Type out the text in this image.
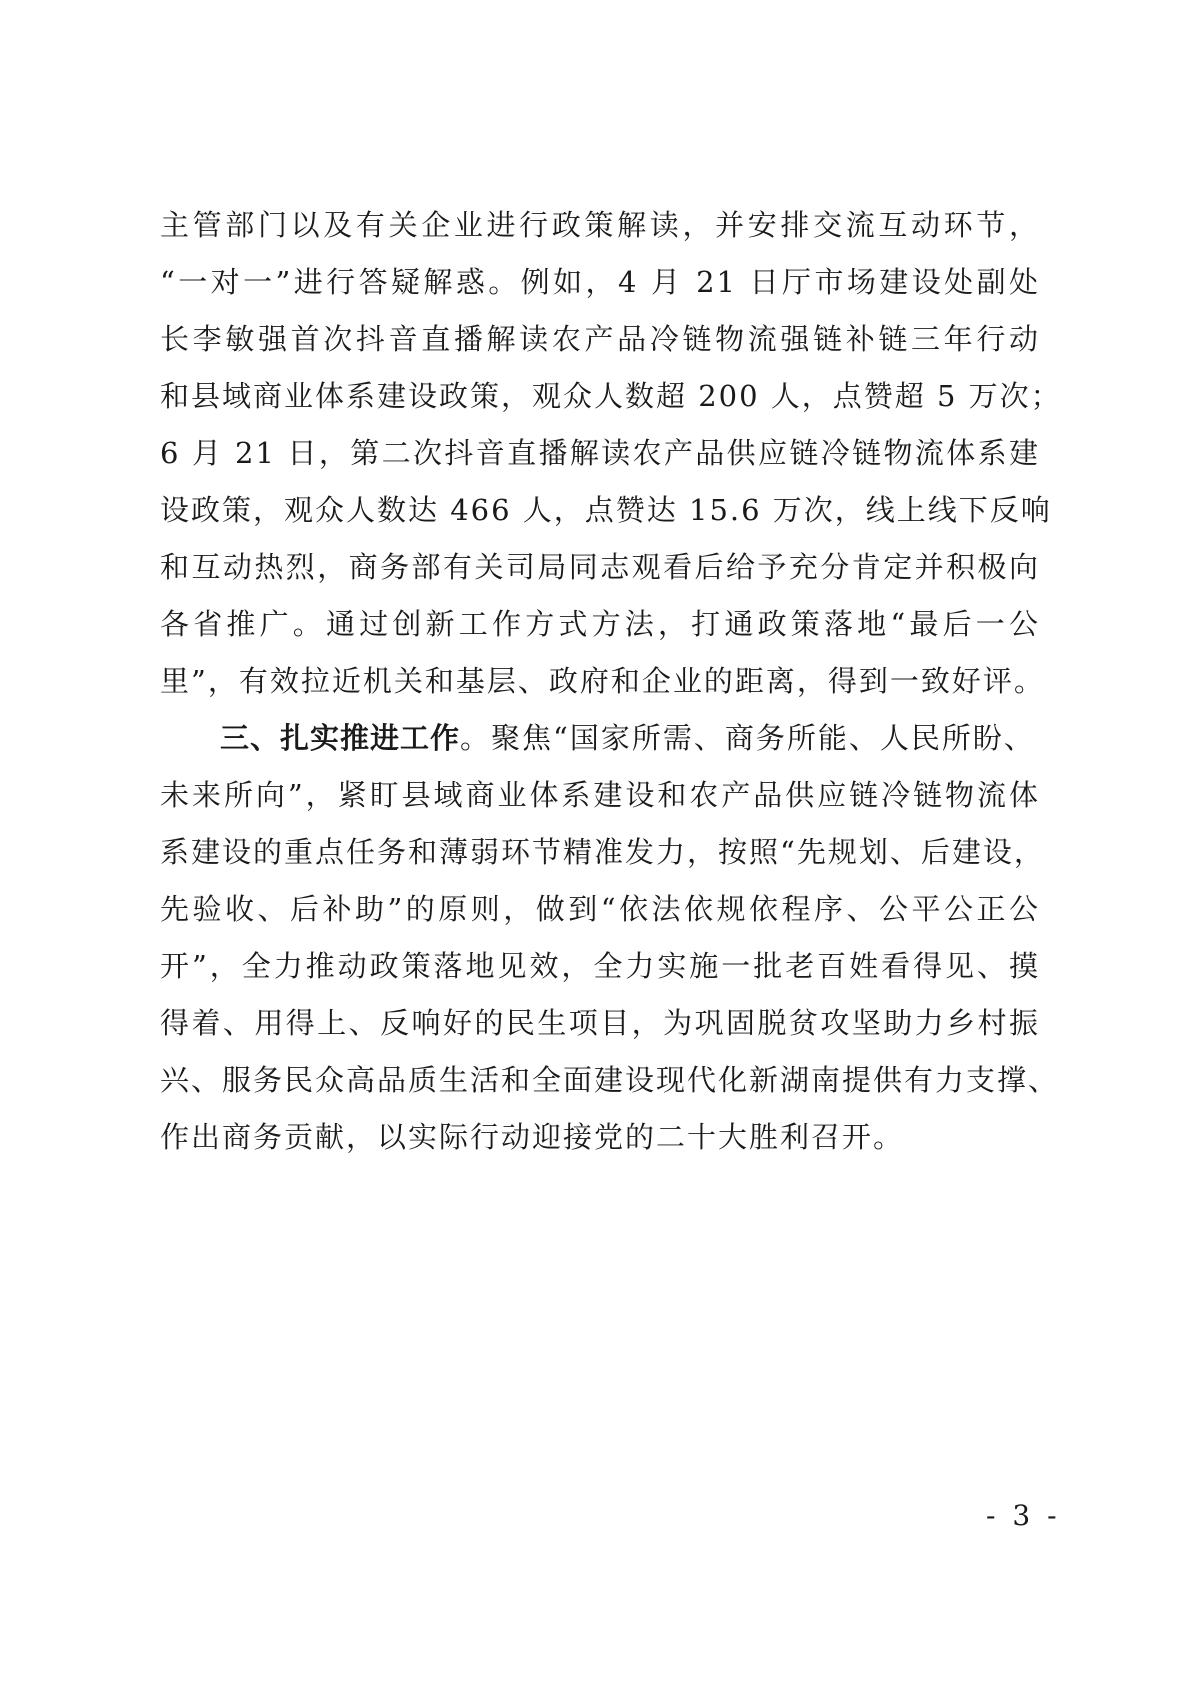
主管部门以及有关企业进行政策解读，并安排交流互动环节，
“一对一”进行答疑解惑。例如，4 月 21 日厅市场建设处副处
长李敏强首次抖音直播解读农产品冷链物流强链补链三年行动
和县域商业体系建设政策，观众人数超 200 人，点赞超 5 万次；
6 月 21 日，第二次抖音直播解读农产品供应链冷链物流体系建
设政策，观众人数达 466 人，点赞达 15.6 万次，线上线下反响
和互动热烈，商务部有关司局同志观看后给予充分肯定并积极向
各省推广。通过创新工作方式方法，打通政策落地“最后一公
里”，有效拉近机关和基层、政府和企业的距离，得到一致好评。
三、扎实推进工作。聚焦“国家所需、商务所能、人民所盼、
未来所向”，紧盯县域商业体系建设和农产品供应链冷链物流体
系建设的重点任务和薄弱环节精准发力，按照“先规划、后建设，
先验收、后补助”的原则，做到“依法依规依程序、公平公正公
开”，全力推动政策落地见效，全力实施一批老百姓看得见、摸
得着、用得上、反响好的民生项目，为巩固脱贫攻坚助力乡村振
兴、服务民众高品质生活和全面建设现代化新湖南提供有力支撑、
作出商务贡献，以实际行动迎接党的二十大胜利召开。
- 3 -
